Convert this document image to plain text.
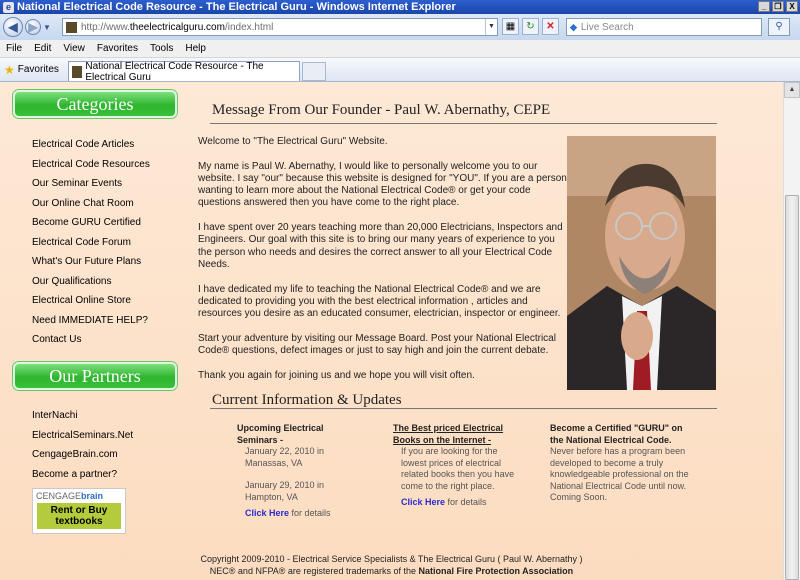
e National Electrical Code Resource - The Electrical Guru - Windows Internet Explorer	_	❐ X
◀ ▶ ▼	http://www.theelectricalguru.com/index.html	▼	▦	↻	✕	◆ Live Search	⚲
File Edit View Favorites Tools Help
★ Favorites	National Electrical Code Resource - The Electrical Guru
Categories
Electrical Code Articles
Electrical Code Resources
Our Seminar Events
Our Online Chat Room
Become GURU Certified
Electrical Code Forum
What's Our Future Plans
Our Qualifications
Electrical Online Store
Need IMMEDIATE HELP?
Contact Us
Our Partners
InterNachi
ElectricalSeminars.Net
CengageBrain.com
Become a partner?
CENGAGEbrain
Rent or Buy
textbooks
Message From Our Founder - Paul W. Abernathy, CEPE

Welcome to "The Electrical Guru" Website.

My name is Paul W. Abernathy, I would like to personally welcome you to our website. I say "our" because this website is designed for "YOU". If you are a person wanting to learn more about the National Electrical Code® or get your code questions answered then you have come to the right place.

I have spent over 20 years teaching more than 20,000 Electricians, Inspectors and Engineers. Our goal with this site is to bring our many years of experience to you the person who needs and desires the correct answer to all your Electrical Code Needs.

I have dedicated my life to teaching the National Electrical Code® and we are dedicated to providing you with the best electrical information , articles and resources you desire as an educated consumer, electrician, inspector or engineer.

Start your adventure by visiting our Message Board. Post your National Electrical Code® questions, defect images or just to say high and join the current debate.

Thank you again for joining us and we hope you will visit often.

Current Information & Updates
Upcoming Electrical Seminars -
January 22, 2010 in
Manassas, VA
January 29, 2010 in
Hampton, VA
Click Here for details
The Best priced Electrical Books on the Internet -
If you are looking for the lowest prices of electrical related books then you have come to the right place.
Click Here for details
Become a Certified "GURU" on the National Electrical Code.
Never before has a program been developed to become a truly knowledgeable professional on the National Electrical Code until now. Coming Soon.
Copyright 2009-2010 - Electrical Service Specialists & The Electrical Guru ( Paul W. Abernathy )
NEC® and NFPA® are registered trademarks of the National Fire Protection Association
▲
